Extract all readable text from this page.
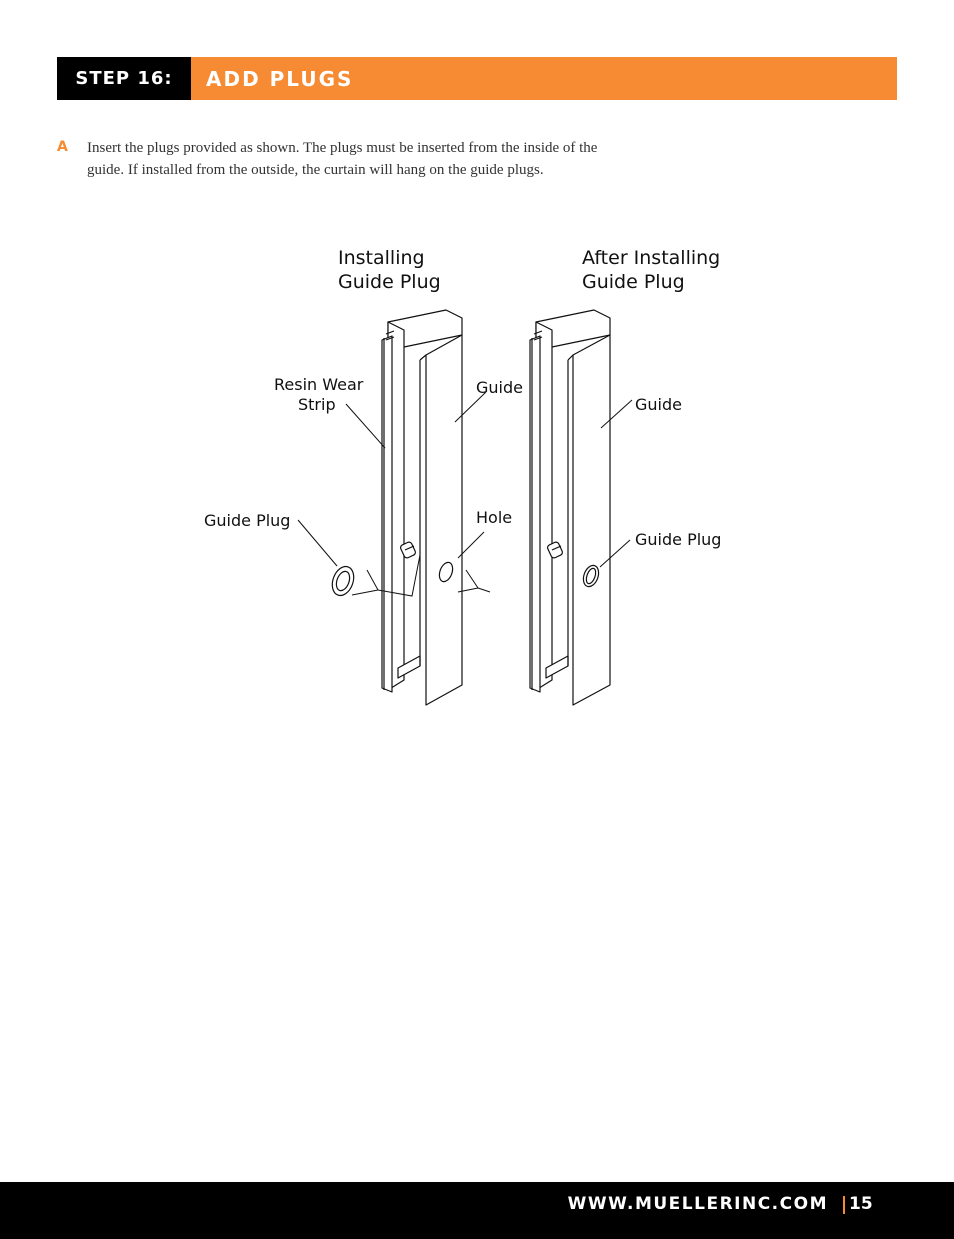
STEP 16:	ADD PLUGS
A	Insert the plugs provided as shown. The plugs must be inserted from the inside of the guide. If installed from the outside, the curtain will hang on the guide plugs.
Installing
Guide Plug
After Installing
Guide Plug
Resin Wear
Strip
Guide
Guide Plug	Hole
Guide
Guide Plug
WWW.MUELLERINC.COM 15
